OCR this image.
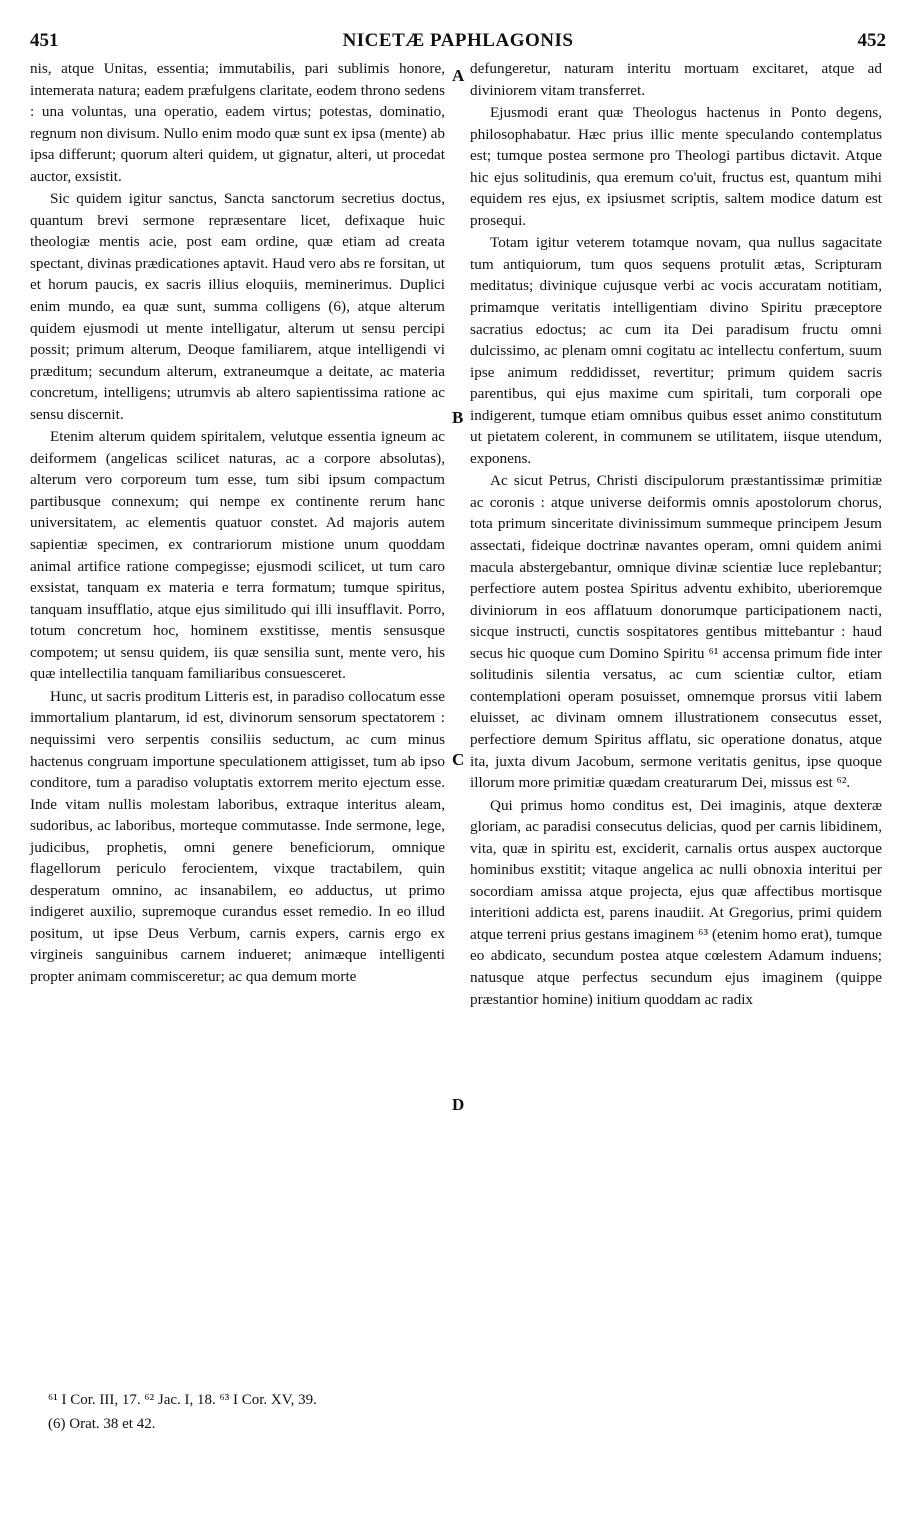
451	NICETÆ PAPHLAGONIS	452

nis, atque Unitas, essentia; immutabilis, pari sublimis honore, intemerata natura; eadem præfulgens claritate, eodem throno sedens : una voluntas, una operatio, eadem virtus; potestas, dominatio, regnum non divisum. Nullo enim modo quæ sunt ex ipsa (mente) ab ipsa differunt; quorum alteri quidem, ut gignatur, alteri, ut procedat auctor, exsistit.

Sic quidem igitur sanctus, Sancta sanctorum secretius doctus, quantum brevi sermone repræsentare licet, defixaque huic theologiæ mentis acie, post eam ordine, quæ etiam ad creata spectant, divinas prædicationes aptavit. Haud vero abs re forsitan, ut et horum paucis, ex sacris illius eloquiis, meminerimus. Duplici enim mundo, ea quæ sunt, summa colligens (6), atque alterum quidem ejusmodi ut mente intelligatur, alterum ut sensu percipi possit; primum alterum, Deoque familiarem, atque intelligendi vi præditum; secundum alterum, extraneumque a deitate, ac materia concretum, intelligens; utrumvis ab altero sapientissima ratione ac sensu discernit.

Etenim alterum quidem spiritalem, velutque essentia igneum ac deiformem (angelicas scilicet naturas, ac a corpore absolutas), alterum vero corporeum tum esse, tum sibi ipsum compactum partibusque connexum; qui nempe ex continente rerum hanc universitatem, ac elementis quatuor constet. Ad majoris autem sapientiæ specimen, ex contrariorum mistione unum quoddam animal artifice ratione compegisse; ejusmodi scilicet, ut tum caro exsistat, tanquam ex materia e terra formatum; tumque spiritus, tanquam insufflatio, atque ejus similitudo qui illi insufflavit. Porro, totum concretum hoc, hominem exstitisse, mentis sensusque compotem; ut sensu quidem, iis quæ sensilia sunt, mente vero, his quæ intellectilia tanquam familiaribus consuesceret.

Hunc, ut sacris proditum Litteris est, in paradiso collocatum esse immortalium plantarum, id est, divinorum sensorum spectatorem : nequissimi vero serpentis consiliis seductum, ac cum minus hactenus congruam importune speculationem attigisset, tum ab ipso conditore, tum a paradiso voluptatis extorrem merito ejectum esse. Inde vitam nullis molestam laboribus, extraque interitus aleam, sudoribus, ac laboribus, morteque commutasse. Inde sermone, lege, judicibus, prophetis, omni genere beneficiorum, omnique flagellorum periculo ferocientem, vixque tractabilem, quin desperatum omnino, ac insanabilem, eo adductus, ut primo indigeret auxilio, supremoque curandus esset remedio. In eo illud positum, ut ipse Deus Verbum, carnis expers, carnis ergo ex virgineis sanguinibus carnem indueret; animæque intelligenti propter animam commisceretur; ac qua demum morte

A
B
C
D

defungeretur, naturam interitu mortuam excitaret, atque ad diviniorem vitam transferret.

Ejusmodi erant quæ Theologus hactenus in Ponto degens, philosophabatur. Hæc prius illic mente speculando contemplatus est; tumque postea sermone pro Theologi partibus dictavit. Atque hic ejus solitudinis, qua eremum co'uit, fructus est, quantum mihi equidem res ejus, ex ipsiusmet scriptis, saltem modice datum est prosequi.

Totam igitur veterem totamque novam, qua nullus sagacitate tum antiquiorum, tum quos sequens protulit ætas, Scripturam meditatus; divinique cujusque verbi ac vocis accuratam notitiam, primamque veritatis intelligentiam divino Spiritu præceptore sacratius edoctus; ac cum ita Dei paradisum fructu omni dulcissimo, ac plenam omni cogitatu ac intellectu confertum, suum ipse animum reddidisset, revertitur; primum quidem sacris parentibus, qui ejus maxime cum spiritali, tum corporali ope indigerent, tumque etiam omnibus quibus esset animo constitutum ut pietatem colerent, in communem se utilitatem, iisque utendum, exponens.

Ac sicut Petrus, Christi discipulorum præstantissimæ primitiæ ac coronis : atque universe deiformis omnis apostolorum chorus, tota primum sinceritate divinissimum summeque principem Jesum assectati, fideique doctrinæ navantes operam, omni quidem animi macula abstergebantur, omnique divinæ scientiæ luce replebantur; perfectiore autem postea Spiritus adventu exhibito, uberioremque diviniorum in eos afflatuum donorumque participationem nacti, sicque instructi, cunctis sospitatores gentibus mittebantur : haud secus hic quoque cum Domino Spiritu ⁶¹ accensa primum fide inter solitudinis silentia versatus, ac cum scientiæ cultor, etiam contemplationi operam posuisset, omnemque prorsus vitii labem eluisset, ac divinam omnem illustrationem consecutus esset, perfectiore demum Spiritus afflatu, sic operatione donatus, atque ita, juxta divum Jacobum, sermone veritatis genitus, ipse quoque illorum more primitiæ quædam creaturarum Dei, missus est ⁶².

Qui primus homo conditus est, Dei imaginis, atque dexteræ gloriam, ac paradisi consecutus delicias, quod per carnis libidinem, vita, quæ in spiritu est, exciderit, carnalis ortus auspex auctorque hominibus exstitit; vitaque angelica ac nulli obnoxia interitui per socordiam amissa atque projecta, ejus quæ affectibus mortisque interitioni addicta est, parens inaudiit. At Gregorius, primi quidem atque terreni prius gestans imaginem ⁶³ (etenim homo erat), tumque eo abdicato, secundum postea atque cœlestem Adamum induens; natusque atque perfectus secundum ejus imaginem (quippe præstantior homine) initium quoddam ac radix

⁶¹ I Cor. III, 17. ⁶² Jac. I, 18. ⁶³ I Cor. XV, 39.
(6) Orat. 38 et 42.
